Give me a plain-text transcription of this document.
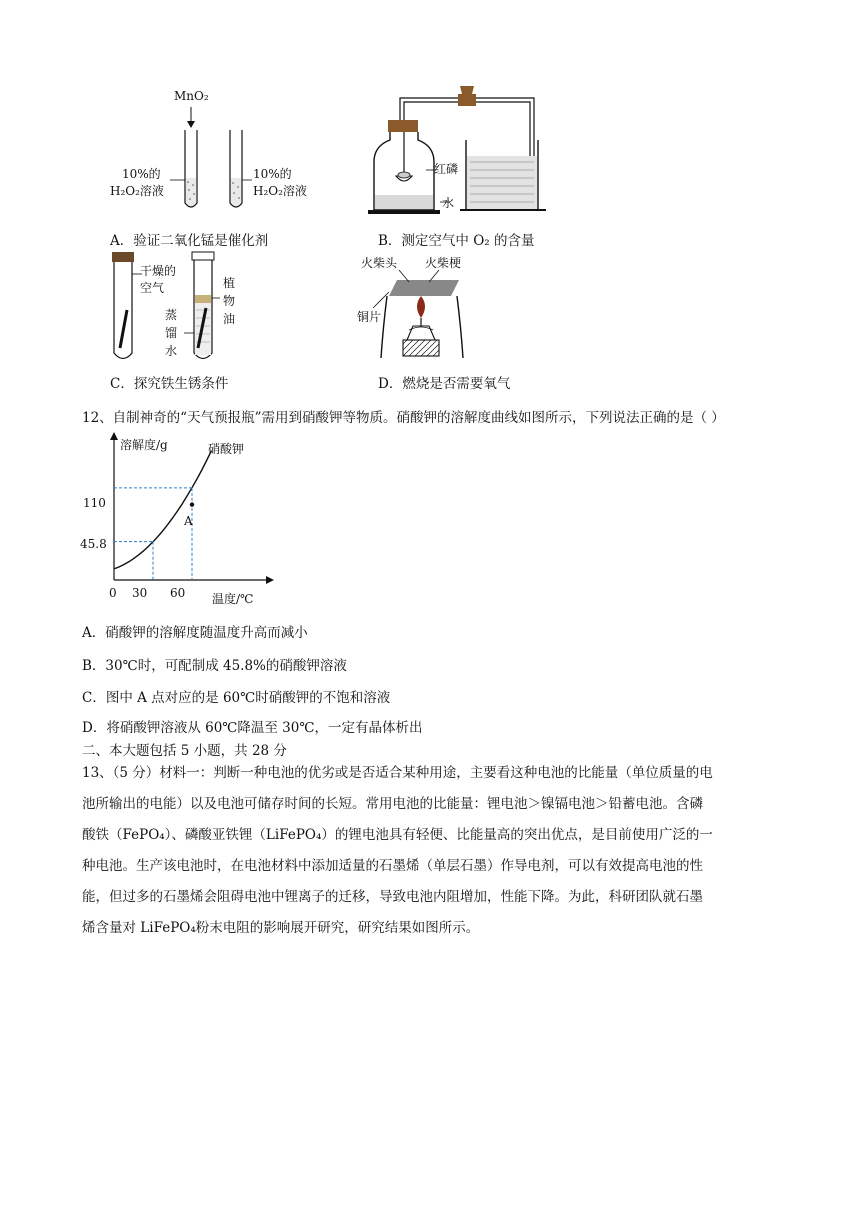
MnO₂
10%的
H₂O₂溶液
10%的
H₂O₂溶液
A．验证二氧化锰是催化剂
红磷
水
B．测定空气中 O₂ 的含量
干燥的
空气	植
物
油
蒸
馏
水
C．探究铁生锈条件
火柴头 火柴梗
铜片
D．燃烧是否需要氧气
12、自制神奇的“天气预报瓶”需用到硝酸钾等物质。硝酸钾的溶解度曲线如图所示，下列说法正确的是（ ）
溶解度/g	硝酸钾
温度/℃
110
45.8
0 30 60
A
A．硝酸钾的溶解度随温度升高而减小
B．30℃时，可配制成 45.8%的硝酸钾溶液
C．图中 A 点对应的是 60℃时硝酸钾的不饱和溶液
D．将硝酸钾溶液从 60℃降温至 30℃，一定有晶体析出
二、本大题包括 5 小题，共 28 分
13、（5 分）材料一：判断一种电池的优劣或是否适合某种用途，主要看这种电池的比能量（单位质量的电
池所输出的电能）以及电池可储存时间的长短。常用电池的比能量：锂电池＞镍镉电池＞铅蓄电池。含磷
酸铁（FePO₄）、磷酸亚铁锂（LiFePO₄）的锂电池具有轻便、比能量高的突出优点，是目前使用广泛的一
种电池。生产该电池时，在电池材料中添加适量的石墨烯（单层石墨）作导电剂，可以有效提高电池的性
能，但过多的石墨烯会阻碍电池中锂离子的迁移，导致电池内阻增加，性能下降。为此，科研团队就石墨
烯含量对 LiFePO₄粉末电阻的影响展开研究，研究结果如图所示。
